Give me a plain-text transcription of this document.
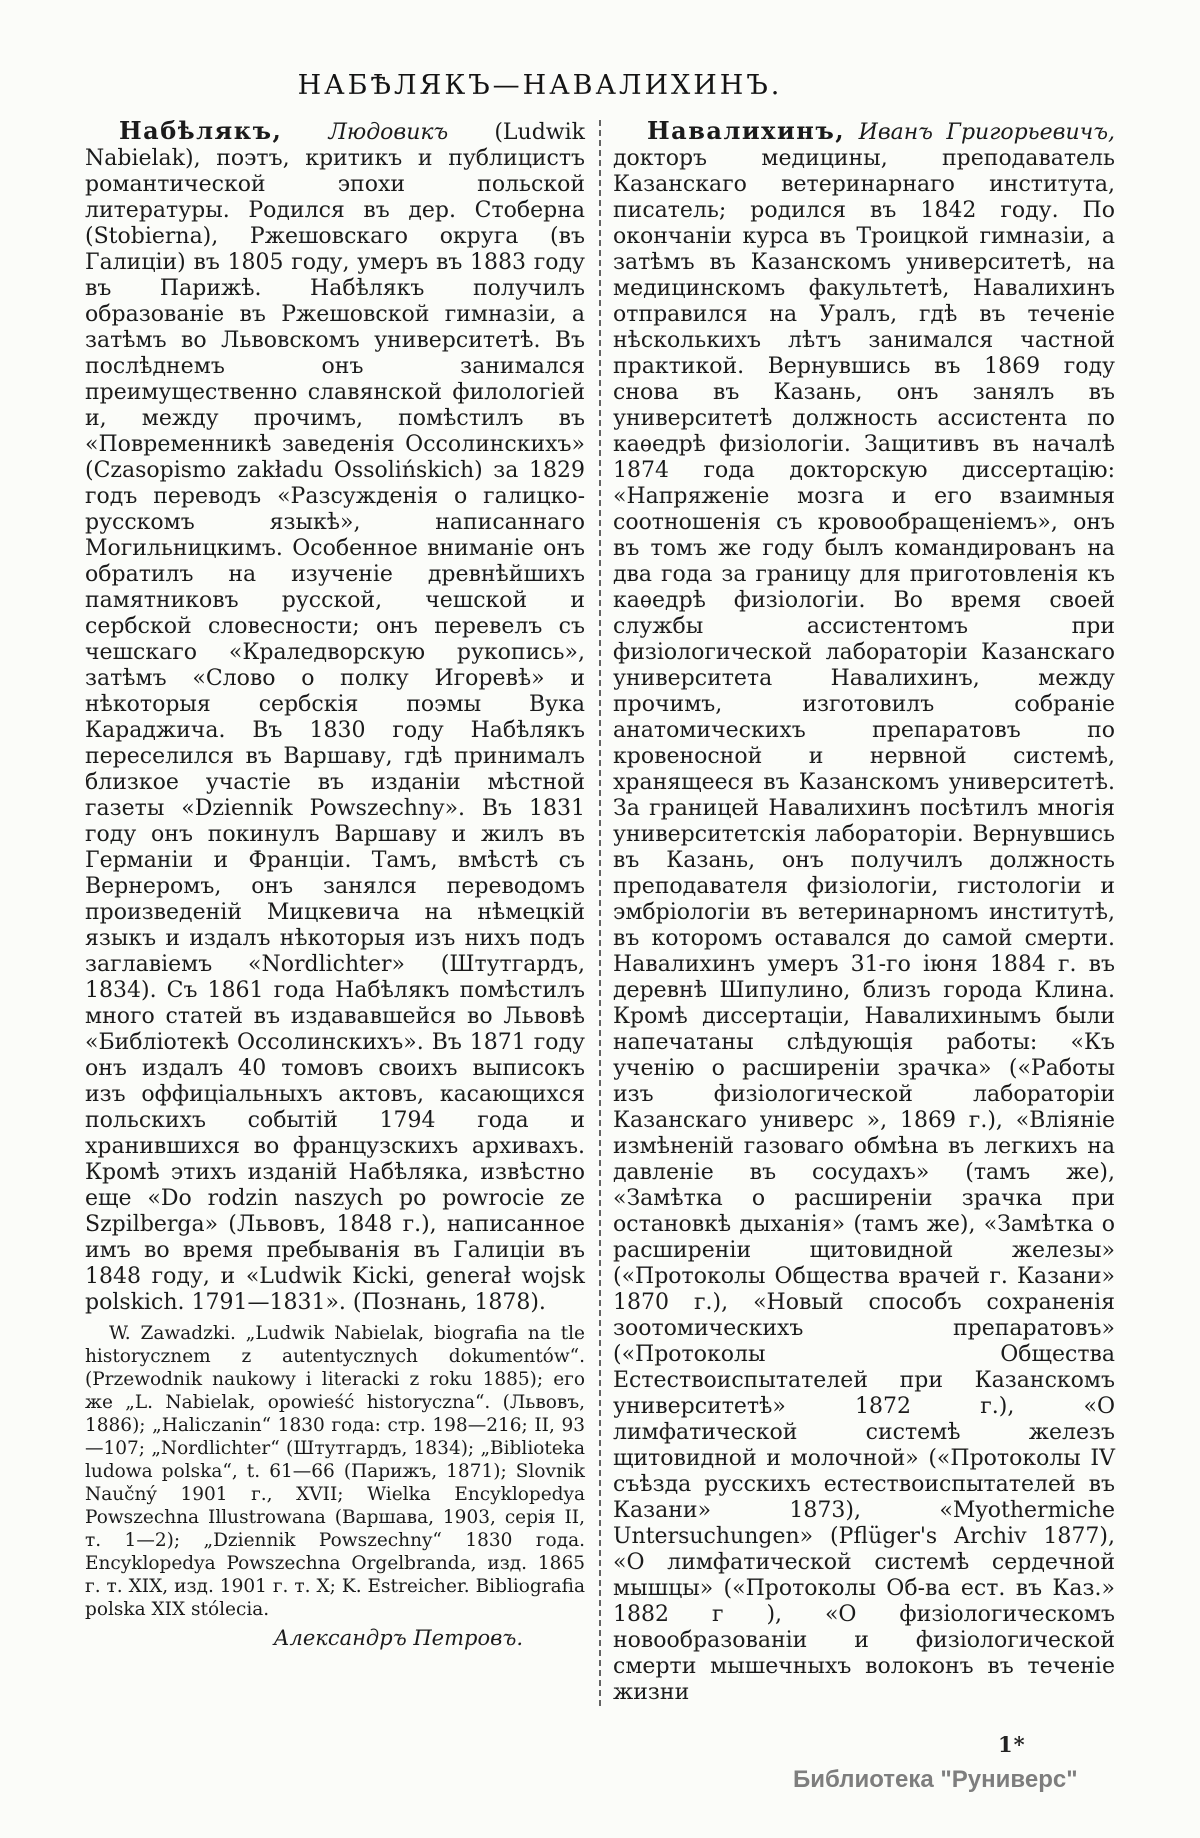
НАБѢЛЯКЪ—НАВАЛИХИНЪ.

Набѣлякъ, Людовикъ (Ludwik Nabielak), поэтъ, критикъ и публицистъ романтической эпохи польской литературы. Родился въ дер. Стоберна (Stobierna), Ржешовскаго округа (въ Галиціи) въ 1805 году, умеръ въ 1883 году въ Парижѣ. Набѣлякъ получилъ образованіе въ Ржешовской гимназіи, а затѣмъ во Львовскомъ университетѣ. Въ послѣднемъ онъ занимался преимущественно славянской филологіей и, между прочимъ, помѣстилъ въ «Повременникѣ заведенія Оссолинскихъ» (Czasopismo zakładu Ossolińskich) за 1829 годъ переводъ «Разсужденія о галицко-русскомъ языкѣ», написаннаго Могильницкимъ. Особенное вниманіе онъ обратилъ на изученіе древнѣйшихъ памятниковъ русской, чешской и сербской словесности; онъ перевелъ съ чешскаго «Краледворскую рукопись», затѣмъ «Слово о полку Игоревѣ» и нѣкоторыя сербскія поэмы Вука Караджича. Въ 1830 году Набѣлякъ переселился въ Варшаву, гдѣ принималъ близкое участіе въ изданіи мѣстной газеты «Dziennik Powszechny». Въ 1831 году онъ покинулъ Варшаву и жилъ въ Германіи и Франціи. Тамъ, вмѣстѣ съ Вернеромъ, онъ занялся переводомъ произведеній Мицкевича на нѣмецкій языкъ и издалъ нѣкоторыя изъ нихъ подъ заглавіемъ «Nordlichter» (Штутгардъ, 1834). Съ 1861 года Набѣлякъ помѣстилъ много статей въ издававшейся во Львовѣ «Библіотекѣ Оссолинскихъ». Въ 1871 году онъ издалъ 40 томовъ своихъ выписокъ изъ оффиціальныхъ актовъ, касающихся польскихъ событій 1794 года и хранившихся во французскихъ архивахъ. Кромѣ этихъ изданій Набѣляка, извѣстно еще «Do rodzin naszych po powrocie ze Szpilberga» (Львовъ, 1848 г.), написанное имъ во время пребыванія въ Галиціи въ 1848 году, и «Ludwik Kicki, generał wojsk polskich. 1791—1831». (Познань, 1878).

W. Zawadzki. „Ludwik Nabielak, biografia na tle historycznem z autentycznych dokumentów“. (Przewodnik naukowy i literacki z roku 1885); его же „L. Nabielak, opowieść historyczna“. (Львовъ, 1886); „Haliczanin“ 1830 года: стр. 198—216; II, 93—107; „Nordlichter“ (Штутгардъ, 1834); „Biblioteka ludowa polska“, t. 61—66 (Парижъ, 1871); Slovnik Naučný 1901 г., XVII; Wielka Encyklopedya Powszechna Illustrowana (Варшава, 1903, серія II, т. 1—2); „Dziennik Powszechny“ 1830 года. Encyklopedya Powszechna Orgelbranda, изд. 1865 г. т. XIX, изд. 1901 г. т. X; K. Estreicher. Bibliografia polska XIX stólecia.

Александръ Петровъ.

Навалихинъ, Иванъ Григорьевичъ, докторъ медицины, преподаватель Казанскаго ветеринарнаго института, писатель; родился въ 1842 году. По окончаніи курса въ Троицкой гимназіи, а затѣмъ въ Казанскомъ университетѣ, на медицинскомъ факультетѣ, Навалихинъ отправился на Уралъ, гдѣ въ теченіе нѣсколькихъ лѣтъ занимался частной практикой. Вернувшись въ 1869 году снова въ Казань, онъ занялъ въ университетѣ должность ассистента по каѳедрѣ физіологіи. Защитивъ въ началѣ 1874 года докторскую диссертацію: «Напряженіе мозга и его взаимныя соотношенія съ кровообращеніемъ», онъ въ томъ же году былъ командированъ на два года за границу для приготовленія къ каѳедрѣ физіологіи. Во время своей службы ассистентомъ при физіологической лабораторіи Казанскаго университета Навалихинъ, между прочимъ, изготовилъ собраніе анатомическихъ препаратовъ по кровеносной и нервной системѣ, хранящееся въ Казанскомъ университетѣ. За границей Навалихинъ посѣтилъ многія университетскія лабораторіи. Вернувшись въ Казань, онъ получилъ должность преподавателя физіологіи, гистологіи и эмбріологіи въ ветеринарномъ институтѣ, въ которомъ оставался до самой смерти. Навалихинъ умеръ 31-го іюня 1884 г. въ деревнѣ Шипулино, близъ города Клина. Кромѣ диссертаціи, Навалихинымъ были напечатаны слѣдующія работы: «Къ ученію о расширеніи зрачка» («Работы изъ физіологической лабораторіи Казанскаго универс », 1869 г.), «Вліяніе измѣненій газоваго обмѣна въ легкихъ на давленіе въ сосудахъ» (тамъ же), «Замѣтка о расширеніи зрачка при остановкѣ дыханія» (тамъ же), «Замѣтка о расширеніи щитовидной железы» («Протоколы Общества врачей г. Казани» 1870 г.), «Новый способъ сохраненія зоотомическихъ препаратовъ» («Протоколы Общества Естествоиспытателей при Казанскомъ университетѣ» 1872 г.), «О лимфатической системѣ железъ щитовидной и молочной» («Протоколы IV съѣзда русскихъ естествоиспытателей въ Казани» 1873), «Myothermiche Untersuchungen» (Pflüger's Archiv 1877), «О лимфатической системѣ сердечной мышцы» («Протоколы Об-ва ест. въ Каз.» 1882 г ), «О физіологическомъ новообразованіи и физіологической смерти мышечныхъ волоконъ въ теченіе жизни

1*
Библиотека "Руниверс"
